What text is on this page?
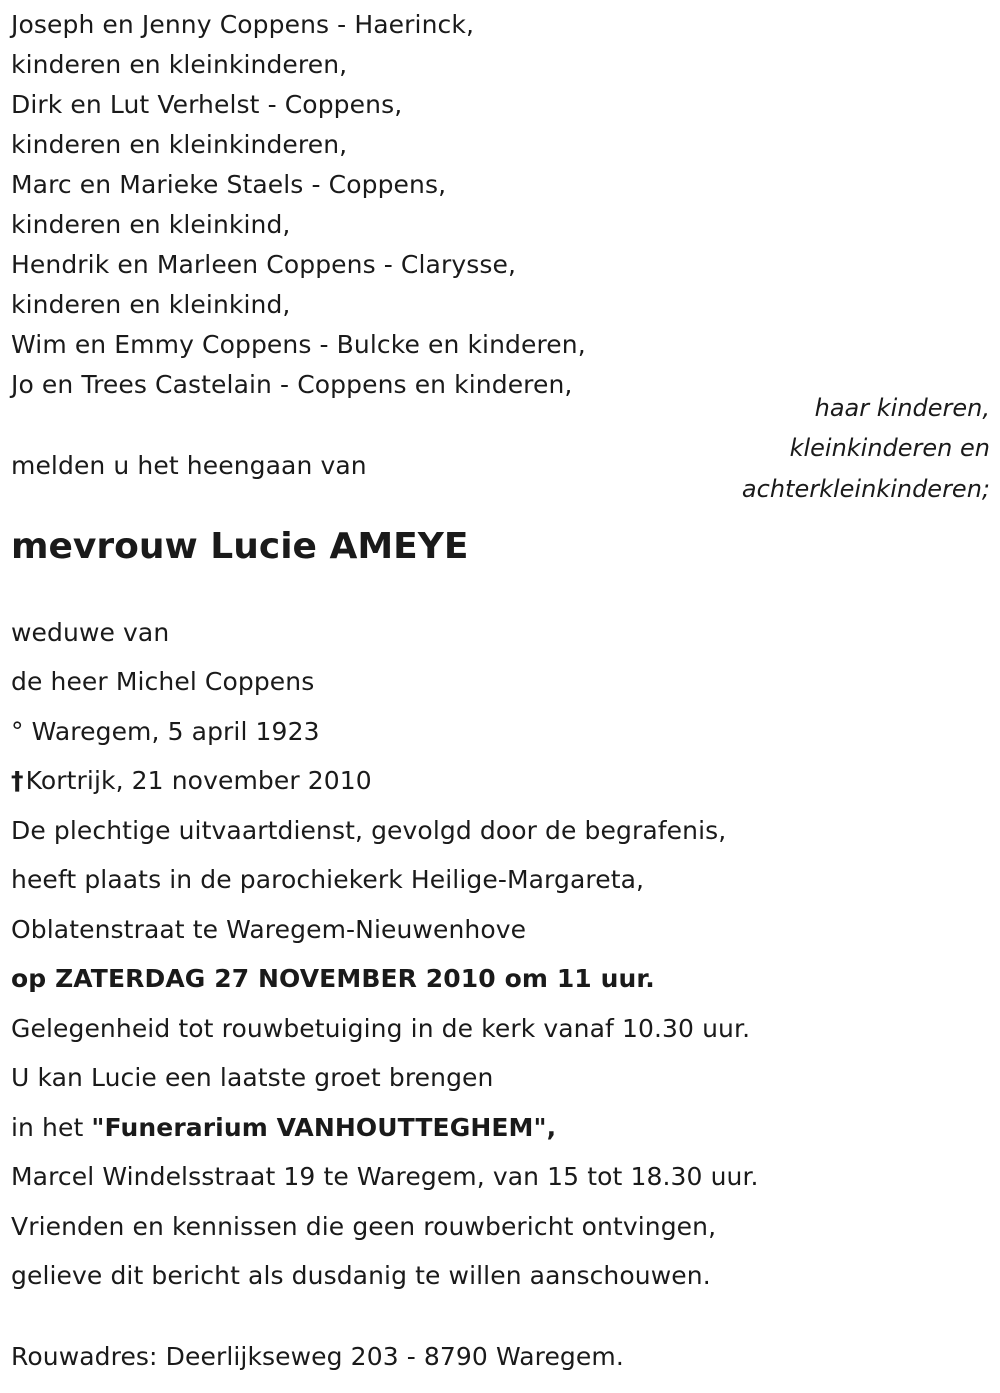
Joseph en Jenny Coppens - Haerinck,

kinderen en kleinkinderen,

Dirk en Lut Verhelst - Coppens,

kinderen en kleinkinderen,

Marc en Marieke Staels - Coppens,

kinderen en kleinkind,

Hendrik en Marleen Coppens - Clarysse,

kinderen en kleinkind,

Wim en Emmy Coppens - Bulcke en kinderen,

Jo en Trees Castelain - Coppens en kinderen,

haar kinderen,

kleinkinderen en

achterkleinkinderen;

melden u het heengaan van

mevrouw Lucie AMEYE

weduwe van

de heer Michel Coppens

° Waregem, 5 april 1923

†Kortrijk, 21 november 2010

De plechtige uitvaartdienst, gevolgd door de begrafenis,

heeft plaats in de parochiekerk Heilige-Margareta,

Oblatenstraat te Waregem-Nieuwenhove

op ZATERDAG 27 NOVEMBER 2010 om 11 uur.

Gelegenheid tot rouwbetuiging in de kerk vanaf 10.30 uur.

U kan Lucie een laatste groet brengen

in het "Funerarium VANHOUTTEGHEM",

Marcel Windelsstraat 19 te Waregem, van 15 tot 18.30 uur.

Vrienden en kennissen die geen rouwbericht ontvingen,

gelieve dit bericht als dusdanig te willen aanschouwen.

Rouwadres: Deerlijkseweg 203 - 8790 Waregem.
